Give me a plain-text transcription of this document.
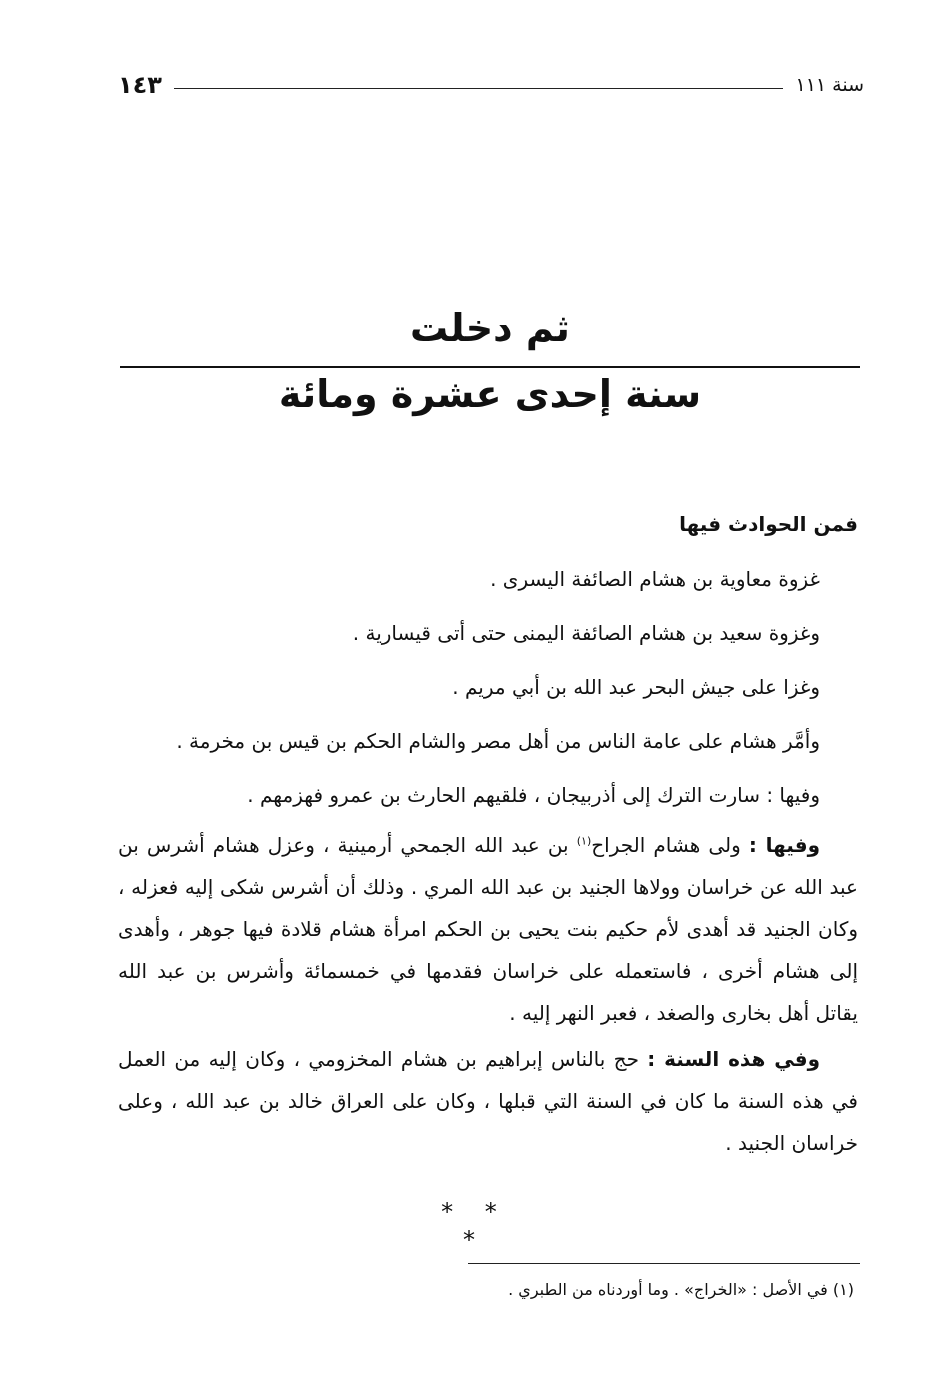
سنة ١١١
١٤٣
ثم دخلت
سنة إحدى عشرة ومائة

فمن الحوادث فيها

غزوة معاوية بن هشام الصائفة اليسرى .

وغزوة سعيد بن هشام الصائفة اليمنى حتى أتى قيسارية .

وغزا على جيش البحر عبد الله بن أبي مريم .

وأمَّر هشام على عامة الناس من أهل مصر والشام الحكم بن قيس بن مخرمة .

وفيها : سارت الترك إلى أذربيجان ، فلقيهم الحارث بن عمرو فهزمهم .

وفيها : ولى هشام الجراح$^{(١)}$ بن عبد الله الجمحي أرمينية ، وعزل هشام أشرس بن عبد الله عن خراسان وولاها الجنيد بن عبد الله المري . وذلك أن أشرس شكى إليه فعزله ، وكان الجنيد قد أهدى لأم حكيم بنت يحيى بن الحكم امرأة هشام قلادة فيها جوهر ، وأهدى إلى هشام أخرى ، فاستعمله على خراسان فقدمها في خمسمائة وأشرس بن عبد الله يقاتل أهل بخارى والصغد ، فعبر النهر إليه .

وفي هذه السنة : حج بالناس إبراهيم بن هشام المخزومي ، وكان إليه من العمل في هذه السنة ما كان في السنة التي قبلها ، وكان على العراق خالد بن عبد الله ، وعلى خراسان الجنيد .

* * *
(١) في الأصل : «الخراج» . وما أوردناه من الطبري .
